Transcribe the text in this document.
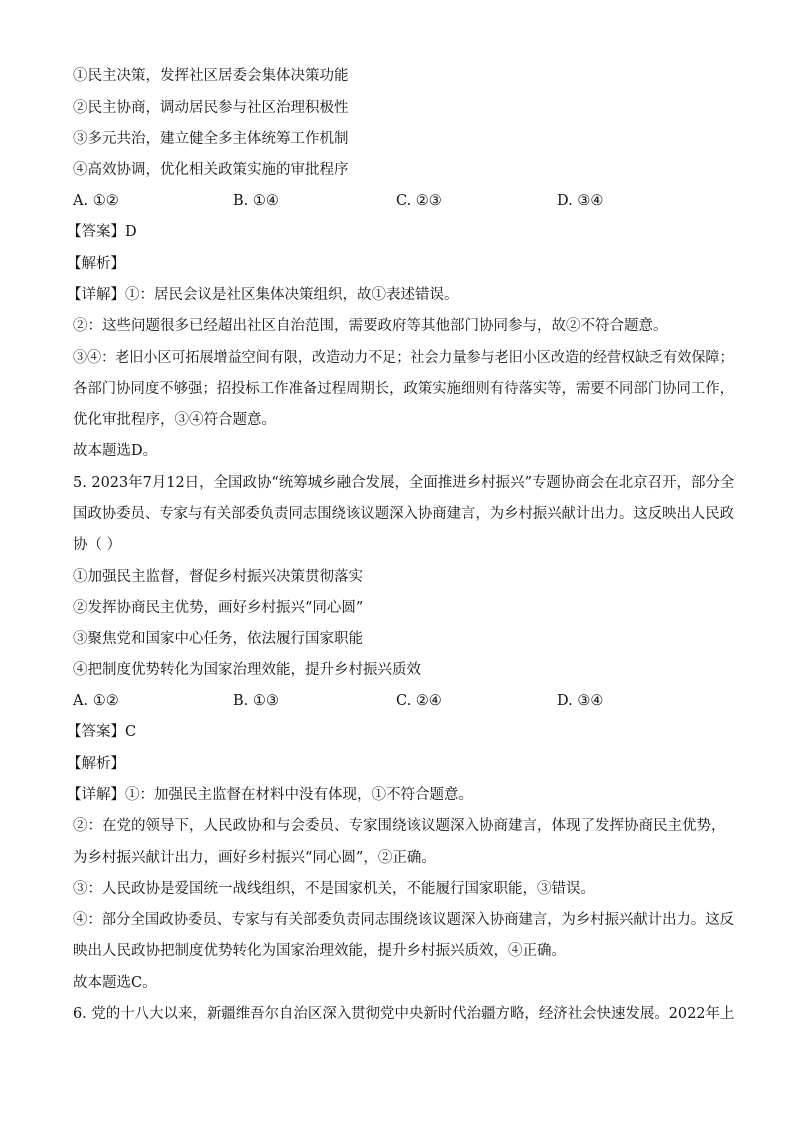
①民主决策，发挥社区居委会集体决策功能
②民主协商，调动居民参与社区治理积极性
③多元共治，建立健全多主体统筹工作机制
④高效协调，优化相关政策实施的审批程序
A. ①②	B. ①④	C. ②③	D. ③④
【答案】D
【解析】
【详解】①：居民会议是社区集体决策组织，故①表述错误。
②：这些问题很多已经超出社区自治范围，需要政府等其他部门协同参与，故②不符合题意。
③④：老旧小区可拓展增益空间有限，改造动力不足；社会力量参与老旧小区改造的经营权缺乏有效保障；
各部门协同度不够强；招投标工作准备过程周期长，政策实施细则有待落实等，需要不同部门协同工作，
优化审批程序，③④符合题意。
故本题选D。
5. 2023年7月12日，全国政协“统筹城乡融合发展，全面推进乡村振兴”专题协商会在北京召开，部分全
国政协委员、专家与有关部委负责同志围绕该议题深入协商建言，为乡村振兴献计出力。这反映出人民政
协（ ）
①加强民主监督，督促乡村振兴决策贯彻落实
②发挥协商民主优势，画好乡村振兴“同心圆”
③聚焦党和国家中心任务，依法履行国家职能
④把制度优势转化为国家治理效能，提升乡村振兴质效
A. ①②	B. ①③	C. ②④	D. ③④
【答案】C
【解析】
【详解】①：加强民主监督在材料中没有体现，①不符合题意。
②：在党的领导下，人民政协和与会委员、专家围绕该议题深入协商建言，体现了发挥协商民主优势，
为乡村振兴献计出力，画好乡村振兴“同心圆”，②正确。
③：人民政协是爱国统一战线组织，不是国家机关，不能履行国家职能，③错误。
④：部分全国政协委员、专家与有关部委负责同志围绕该议题深入协商建言，为乡村振兴献计出力。这反
映出人民政协把制度优势转化为国家治理效能，提升乡村振兴质效，④正确。
故本题选C。
6. 党的十八大以来，新疆维吾尔自治区深入贯彻党中央新时代治疆方略，经济社会快速发展。2022年上
